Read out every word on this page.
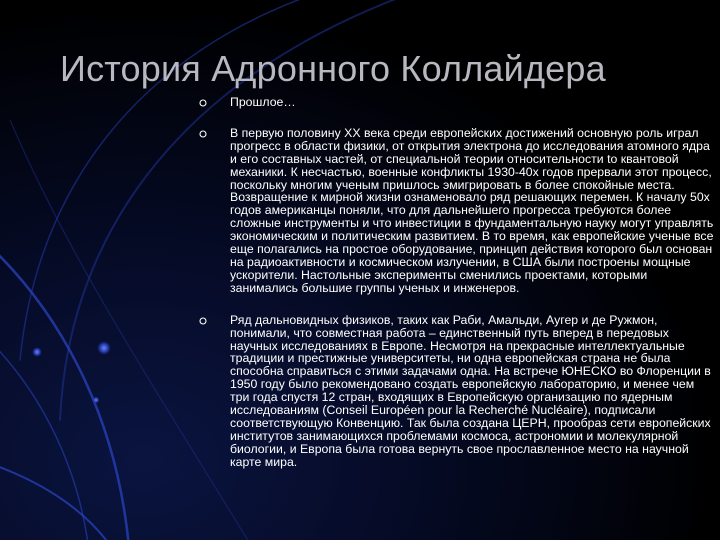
История Адронного Коллайдера
Прошлое…
В первую половину XX века среди европейских достижений основную роль играл прогресс в области физики, от открытия электрона до исследования атомного ядра и его составных частей, от специальной теории относительности to квантовой механики. К несчастью, военные конфликты 1930-40х годов прервали этот процесс, поскольку многим ученым пришлось эмигрировать в более спокойные места. Возвращение к мирной жизни ознаменовало ряд решающих перемен. К началу 50х годов американцы поняли, что для дальнейшего прогресса требуются более сложные инструменты и что инвестиции в фундаментальную науку могут управлять экономическим и политическим развитием. В то время, как европейские ученые все еще полагались на простое оборудование, принцип действия которого был основан на радиоактивности и космическом излучении, в США были построены мощные ускорители. Настольные эксперименты сменились проектами, которыми занимались большие группы ученых и инженеров.
Ряд дальновидных физиков, таких как Раби, Амальди, Аугер и де Ружмон, понимали, что совместная работа – единственный путь вперед в передовых научных исследованиях в Европе. Несмотря на прекрасные интеллектуальные традиции и престижные университеты, ни одна европейская страна не была способна справиться с этими задачами одна. На встрече ЮНЕСКО во Флоренции в 1950 году было рекомендовано создать европейскую лабораторию, и менее чем три года спустя 12 стран, входящих в Европейскую организацию по ядерным исследованиям (Conseil Européen pour la Recherché Nucléaire), подписали соответствующую Конвенцию. Так была создана ЦЕРН, прообраз сети европейских институтов занимающихся проблемами космоса, астрономии и молекулярной биологии, и Европа была готова вернуть свое прославленное место на научной карте мира.
